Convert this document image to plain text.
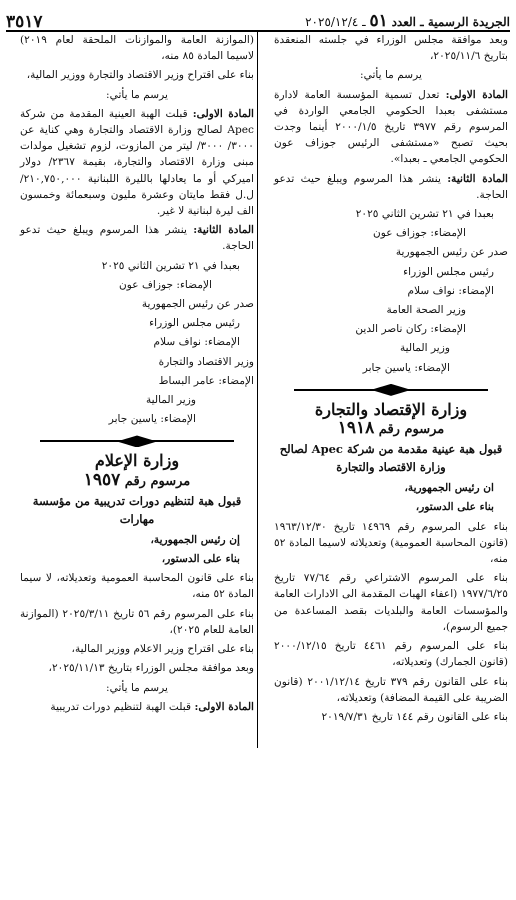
الجريدة الرسمية ـ العدد ٥١ ـ ٢٠٢٥/١٢/٤
٣٥١٧

وبعد موافقة مجلس الوزراء في جلسته المنعقدة بتاريخ ٢٠٢٥/١١/٦،

يرسم ما يأتي:

المادة الاولى: تعدل تسمية المؤسسة العامة لادارة مستشفى بعبدا الحكومي الجامعي الواردة في المرسوم رقم ٣٩٧٧ تاريخ ٢٠٠٠/١/٥ أينما وجدت بحيث تصبح «مستشفى الرئيس جوزاف عون الحكومي الجامعي ـ بعبدا».

المادة الثانية: ينشر هذا المرسوم ويبلغ حيث تدعو الحاجة.

بعبدا في ٢١ تشرين الثاني ٢٠٢٥

الإمضاء: جوزاف عون

صدر عن رئيس الجمهورية

رئيس مجلس الوزراء

الإمضاء: نواف سلام

وزير الصحة العامة

الإمضاء: ركان ناصر الدين

وزير المالية

الإمضاء: ياسين جابر

وزارة الإقتصاد والتجارة
مرسوم رقم ١٩١٨
قبول هبة عينية مقدمة من شركة Apec لصالح وزارة الاقتصاد والتجارة

ان رئيس الجمهورية،

بناء على الدستور،

بناء على المرسوم رقم ١٤٩٦٩ تاريخ ١٩٦٣/١٢/٣٠ (قانون المحاسبة العمومية) وتعديلاته لاسيما المادة ٥٢ منه،

بناء على المرسوم الاشتراعي رقم ٧٧/٦٤ تاريخ ١٩٧٧/٦/٢٥ (اعفاء الهبات المقدمة الى الادارات العامة والمؤسسات العامة والبلديات بقصد المساعدة من جميع الرسوم)،

بناء على المرسوم رقم ٤٤٦١ تاريخ ٢٠٠٠/١٢/١٥ (قانون الجمارك) وتعديلاته،

بناء على القانون رقم ٣٧٩ تاريخ ٢٠٠١/١٢/١٤ (قانون الضريبة على القيمة المضافة) وتعديلاته،

بناء على القانون رقم ١٤٤ تاريخ ٢٠١٩/٧/٣١

(الموازنة العامة والموازنات الملحقة لعام ٢٠١٩) لاسيما المادة ٨٥ منه،

بناء على اقتراح وزير الاقتصاد والتجارة ووزير المالية،

يرسم ما يأتي:

المادة الاولى: قبلت الهبة العينية المقدمة من شركة Apec لصالح وزارة الاقتصاد والتجارة وهي كناية عن ٣٠٠٠/ ٣٠٠٠/ ليتر من المازوت، لزوم تشغيل مولدات مبنى وزارة الاقتصاد والتجارة، بقيمة ٢٣٦٧/ دولار اميركي أو ما يعادلها بالليرة اللبنانية ٢١٠,٧٥٠,٠٠٠/ل.ل فقط مايتان وعشرة مليون وسبعمائة وخمسون الف ليرة لبنانية لا غير.

المادة الثانية: ينشر هذا المرسوم ويبلغ حيث تدعو الحاجة.

بعبدا في ٢١ تشرين الثاني ٢٠٢٥

الإمضاء: جوزاف عون

صدر عن رئيس الجمهورية

رئيس مجلس الوزراء

الإمضاء: نواف سلام

وزير الاقتصاد والتجارة

الإمضاء: عامر البساط

وزير المالية

الإمضاء: ياسين جابر

وزارة الإعلام
مرسوم رقم ١٩٥٧
قبول هبة لتنظيم دورات تدريبية من مؤسسة مهارات

إن رئيس الجمهورية،

بناء على الدستور،

بناء على قانون المحاسبة العمومية وتعديلاته، لا سيما المادة ٥٢ منه،

بناء على المرسوم رقم ٥٦ تاريخ ٢٠٢٥/٣/١١ (الموازنة العامة للعام ٢٠٢٥)،

بناء على اقتراح وزير الاعلام ووزير المالية،

وبعد موافقة مجلس الوزراء بتاريخ ٢٠٢٥/١١/١٣،

يرسم ما يأتي:

المادة الاولى: قبلت الهبة لتنظيم دورات تدريبية
